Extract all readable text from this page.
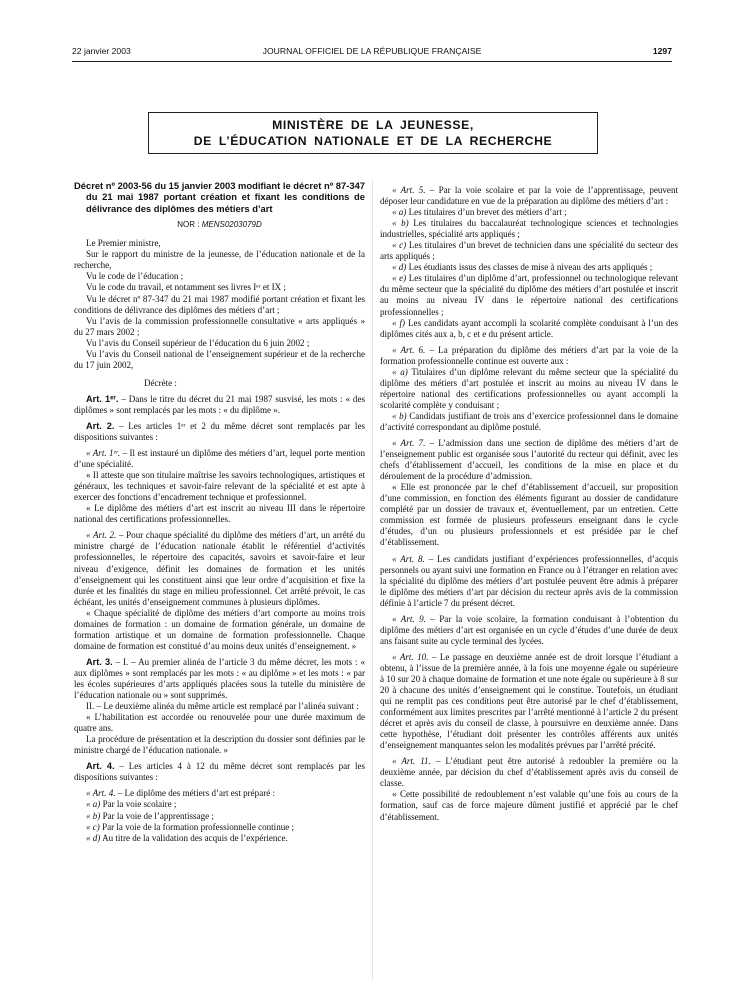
22 janvier 2003	JOURNAL OFFICIEL DE LA RÉPUBLIQUE FRANÇAISE	1297
MINISTÈRE DE LA JEUNESSE,
DE L’ÉDUCATION NATIONALE ET DE LA RECHERCHE

Décret nº 2003-56 du 15 janvier 2003 modifiant le décret nº 87-347 du 21 mai 1987 portant création et fixant les conditions de délivrance des diplômes des métiers d’art

NOR : MENS0203079D

Le Premier ministre,

Sur le rapport du ministre de la jeunesse, de l’éducation nationale et de la recherche,

Vu le code de l’éducation ;

Vu le code du travail, et notamment ses livres Iᵉʳ et IX ;

Vu le décret nº 87-347 du 21 mai 1987 modifié portant création et fixant les conditions de délivrance des diplômes des métiers d’art ;

Vu l’avis de la commission professionnelle consultative « arts appliqués » du 27 mars 2002 ;

Vu l’avis du Conseil supérieur de l’éducation du 6 juin 2002 ;

Vu l’avis du Conseil national de l’enseignement supérieur et de la recherche du 17 juin 2002,

Décrète :

Art. 1ᵉʳ. – Dans le titre du décret du 21 mai 1987 susvisé, les mots : « des diplômes » sont remplacés par les mots : « du diplôme ».

Art. 2. – Les articles 1ᵉʳ et 2 du même décret sont remplacés par les dispositions suivantes :

« Art. 1ᵉʳ. – Il est instauré un diplôme des métiers d’art, lequel porte mention d’une spécialité.

« Il atteste que son titulaire maîtrise les savoirs technologiques, artistiques et généraux, les techniques et savoir-faire relevant de la spécialité et est apte à exercer des fonctions d’encadrement technique et professionnel.

« Le diplôme des métiers d’art est inscrit au niveau III dans le répertoire national des certifications professionnelles.

« Art. 2. – Pour chaque spécialité du diplôme des métiers d’art, un arrêté du ministre chargé de l’éducation nationale établit le référentiel d’activités professionnelles, le répertoire des capacités, savoirs et savoir-faire et leur niveau d’exigence, définit les domaines de formation et les unités d’enseignement qui les constituent ainsi que leur ordre d’acquisition et fixe la durée et les finalités du stage en milieu professionnel. Cet arrêté prévoit, le cas échéant, les unités d’enseignement communes à plusieurs diplômes.

« Chaque spécialité de diplôme des métiers d’art comporte au moins trois domaines de formation : un domaine de formation générale, un domaine de formation artistique et un domaine de formation professionnelle. Chaque domaine de formation est constitué d’au moins deux unités d’enseignement. »

Art. 3. – I. – Au premier alinéa de l’article 3 du même décret, les mots : « aux diplômes » sont remplacés par les mots : « au diplôme » et les mots : « par les écoles supérieures d’arts appliqués placées sous la tutelle du ministère de l’éducation nationale ou » sont supprimés.

II. – Le deuxième alinéa du même article est remplacé par l’alinéa suivant :

« L’habilitation est accordée ou renouvelée pour une durée maximum de quatre ans.

La procédure de présentation et la description du dossier sont définies par le ministre chargé de l’éducation nationale. »

Art. 4. – Les articles 4 à 12 du même décret sont remplacés par les dispositions suivantes :

« Art. 4. – Le diplôme des métiers d’art est préparé :

« a) Par la voie scolaire ;

« b) Par la voie de l’apprentissage ;

« c) Par la voie de la formation professionnelle continue ;

« d) Au titre de la validation des acquis de l’expérience.

« Art. 5. – Par la voie scolaire et par la voie de l’apprentissage, peuvent déposer leur candidature en vue de la préparation au diplôme des métiers d’art :

« a) Les titulaires d’un brevet des métiers d’art ;

« b) Les titulaires du baccalauréat technologique sciences et technologies industrielles, spécialité arts appliqués ;

« c) Les titulaires d’un brevet de technicien dans une spécialité du secteur des arts appliqués ;

« d) Les étudiants issus des classes de mise à niveau des arts appliqués ;

« e) Les titulaires d’un diplôme d’art, professionnel ou technologique relevant du même secteur que la spécialité du diplôme des métiers d’art postulée et inscrit au moins au niveau IV dans le répertoire national des certifications professionnelles ;

« f) Les candidats ayant accompli la scolarité complète conduisant à l’un des diplômes cités aux a, b, c et e du présent article.

« Art. 6. – La préparation du diplôme des métiers d’art par la voie de la formation professionnelle continue est ouverte aux :

« a) Titulaires d’un diplôme relevant du même secteur que la spécialité du diplôme des métiers d’art postulée et inscrit au moins au niveau IV dans le répertoire national des certifications professionnelles ou ayant accompli la scolarité complète y conduisant ;

« b) Candidats justifiant de trois ans d’exercice professionnel dans le domaine d’activité correspondant au diplôme postulé.

« Art. 7. – L’admission dans une section de diplôme des métiers d’art de l’enseignement public est organisée sous l’autorité du recteur qui définit, avec les chefs d’établissement d’accueil, les conditions de la mise en place et du déroulement de la procédure d’admission.

« Elle est prononcée par le chef d’établissement d’accueil, sur proposition d’une commission, en fonction des éléments figurant au dossier de candidature complété par un dossier de travaux et, éventuellement, par un entretien. Cette commission est formée de plusieurs professeurs enseignant dans le cycle d’études, d’un ou plusieurs professionnels et est présidée par le chef d’établissement.

« Art. 8. – Les candidats justifiant d’expériences professionnelles, d’acquis personnels ou ayant suivi une formation en France ou à l’étranger en relation avec la spécialité du diplôme des métiers d’art postulée peuvent être admis à préparer le diplôme des métiers d’art par décision du recteur après avis de la commission définie à l’article 7 du présent décret.

« Art. 9. – Par la voie scolaire, la formation conduisant à l’obtention du diplôme des métiers d’art est organisée en un cycle d’études d’une durée de deux ans faisant suite au cycle terminal des lycées.

« Art. 10. – Le passage en deuxième année est de droit lorsque l’étudiant a obtenu, à l’issue de la première année, à la fois une moyenne égale ou supérieure à 10 sur 20 à chaque domaine de formation et une note égale ou supérieure à 8 sur 20 à chacune des unités d’enseignement qui le constitue. Toutefois, un étudiant qui ne remplit pas ces conditions peut être autorisé par le chef d’établissement, conformément aux limites prescrites par l’arrêté mentionné à l’article 2 du présent décret et après avis du conseil de classe, à poursuivre en deuxième année. Dans cette hypothèse, l’étudiant doit présenter les contrôles afférents aux unités d’enseignement manquantes selon les modalités prévues par l’arrêté précité.

« Art. 11. – L’étudiant peut être autorisé à redoubler la première ou la deuxième année, par décision du chef d’établissement après avis du conseil de classe.

« Cette possibilité de redoublement n’est valable qu’une fois au cours de la formation, sauf cas de force majeure dûment justifié et apprécié par le chef d’établissement.
